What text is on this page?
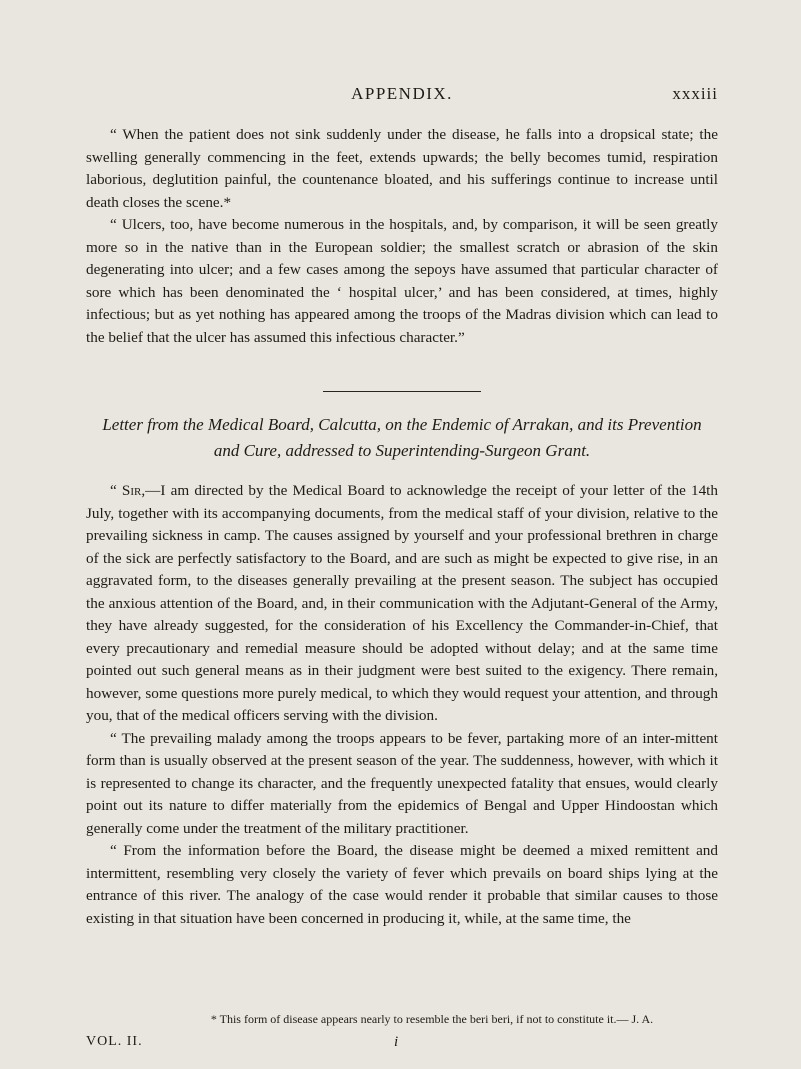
APPENDIX.	xxxiii

“ When the patient does not sink suddenly under the disease, he falls into a dropsical state; the swelling generally commencing in the feet, extends upwards; the belly becomes tumid, respiration laborious, deglutition painful, the countenance bloated, and his sufferings continue to increase until death closes the scene.*

“ Ulcers, too, have become numerous in the hospitals, and, by comparison, it will be seen greatly more so in the native than in the European soldier; the smallest scratch or abrasion of the skin degenerating into ulcer; and a few cases among the sepoys have assumed that particular character of sore which has been denominated the ‘ hospital ulcer,’ and has been considered, at times, highly infectious; but as yet nothing has appeared among the troops of the Madras division which can lead to the belief that the ulcer has assumed this infectious character.”

Letter from the Medical Board, Calcutta, on the Endemic of Arrakan, and its Prevention and Cure, addressed to Superintending-Surgeon Grant.

“ Sir,—I am directed by the Medical Board to acknowledge the receipt of your letter of the 14th July, together with its accompanying documents, from the medical staff of your division, relative to the prevailing sickness in camp. The causes assigned by yourself and your professional brethren in charge of the sick are perfectly satisfactory to the Board, and are such as might be expected to give rise, in an aggravated form, to the diseases generally prevailing at the present season. The subject has occupied the anxious attention of the Board, and, in their communication with the Adjutant-General of the Army, they have already suggested, for the consideration of his Excellency the Commander-in-Chief, that every precautionary and remedial measure should be adopted without delay; and at the same time pointed out such general means as in their judgment were best suited to the exigency. There remain, however, some questions more purely medical, to which they would request your attention, and through you, that of the medical officers serving with the division.

“ The prevailing malady among the troops appears to be fever, partaking more of an inter-mittent form than is usually observed at the present season of the year. The suddenness, however, with which it is represented to change its character, and the frequently unexpected fatality that ensues, would clearly point out its nature to differ materially from the epidemics of Bengal and Upper Hindoostan which generally come under the treatment of the military practitioner.

“ From the information before the Board, the disease might be deemed a mixed remittent and intermittent, resembling very closely the variety of fever which prevails on board ships lying at the entrance of this river. The analogy of the case would render it probable that similar causes to those existing in that situation have been concerned in producing it, while, at the same time, the

* This form of disease appears nearly to resemble the beri beri, if not to constitute it.— J. A.
VOL. II.	i
